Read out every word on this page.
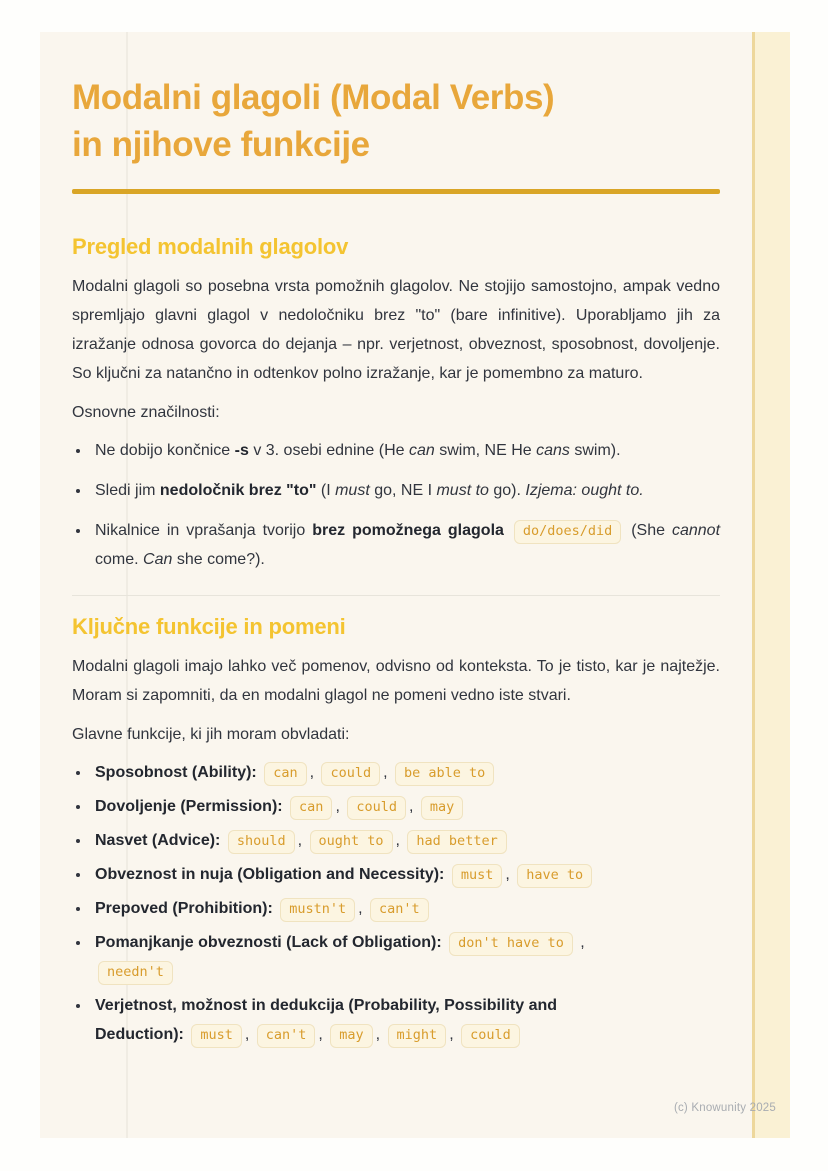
Modalni glagoli (Modal Verbs)
in njihove funkcije
Pregled modalnih glagolov

Modalni glagoli so posebna vrsta pomožnih glagolov. Ne stojijo samostojno, ampak vedno spremljajo glavni glagol v nedoločniku brez "to" (bare infinitive). Uporabljamo jih za izražanje odnosa govorca do dejanja – npr. verjetnost, obveznost, sposobnost, dovoljenje. So ključni za natančno in odtenkov polno izražanje, kar je pomembno za maturo.

Osnovne značilnosti:

• Ne dobijo končnice -s v 3. osebi ednine (He can swim, NE He cans swim).
• Sledi jim nedoločnik brez "to" (I must go, NE I must to go). Izjema: ought to.
• Nikalnice in vprašanja tvorijo brez pomožnega glagola do/does/did (She cannot come. Can she come?).
Ključne funkcije in pomeni

Modalni glagoli imajo lahko več pomenov, odvisno od konteksta. To je tisto, kar je najtežje. Moram si zapomniti, da en modalni glagol ne pomeni vedno iste stvari.

Glavne funkcije, ki jih moram obvladati:

• Sposobnost (Ability): can , could , be able to
• Dovoljenje (Permission): can , could , may
• Nasvet (Advice): should , ought to , had better
• Obveznost in nuja (Obligation and Necessity): must , have to
• Prepoved (Prohibition): mustn't , can't
• Pomanjkanje obveznosti (Lack of Obligation): don't have to ,
needn't
• Verjetnost, možnost in dedukcija (Probability, Possibility and
Deduction): must , can't , may , might , could
(c) Knowunity 2025
